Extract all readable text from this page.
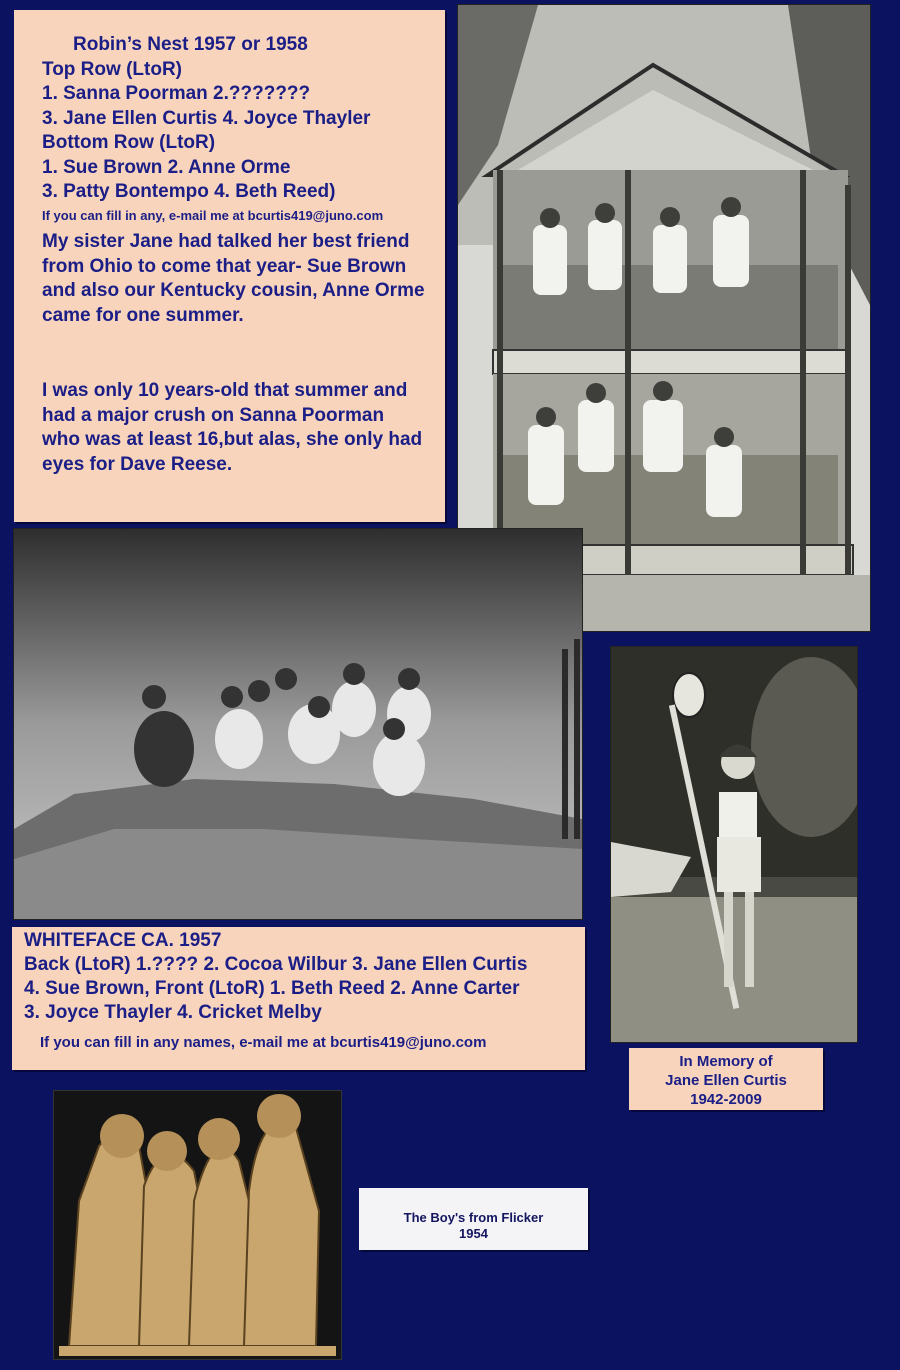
Robin’s Nest 1957 or 1958
Top Row (LtoR)
1. Sanna Poorman 2.???????
3. Jane Ellen Curtis 4. Joyce Thayler
Bottom Row (LtoR)
1. Sue Brown 2. Anne Orme
3. Patty Bontempo 4. Beth Reed)
If you can fill in any, e-mail me at bcurtis419@juno.com
My sister Jane had talked her best friend from Ohio to come that year- Sue Brown and also our Kentucky cousin, Anne Orme came for one summer.
I was only 10 years-old that summer and had a major crush on Sanna Poorman who was at least 16,but alas, she only had eyes for Dave Reese.
WHITEFACE CA. 1957
Back (LtoR) 1.???? 2. Cocoa Wilbur 3. Jane Ellen Curtis
4. Sue Brown, Front (LtoR) 1. Beth Reed 2. Anne Carter
3. Joyce Thayler 4. Cricket Melby
If you can fill in any names, e-mail me at bcurtis419@juno.com
In Memory of
Jane Ellen Curtis
1942-2009
The Boy's from Flicker
1954
